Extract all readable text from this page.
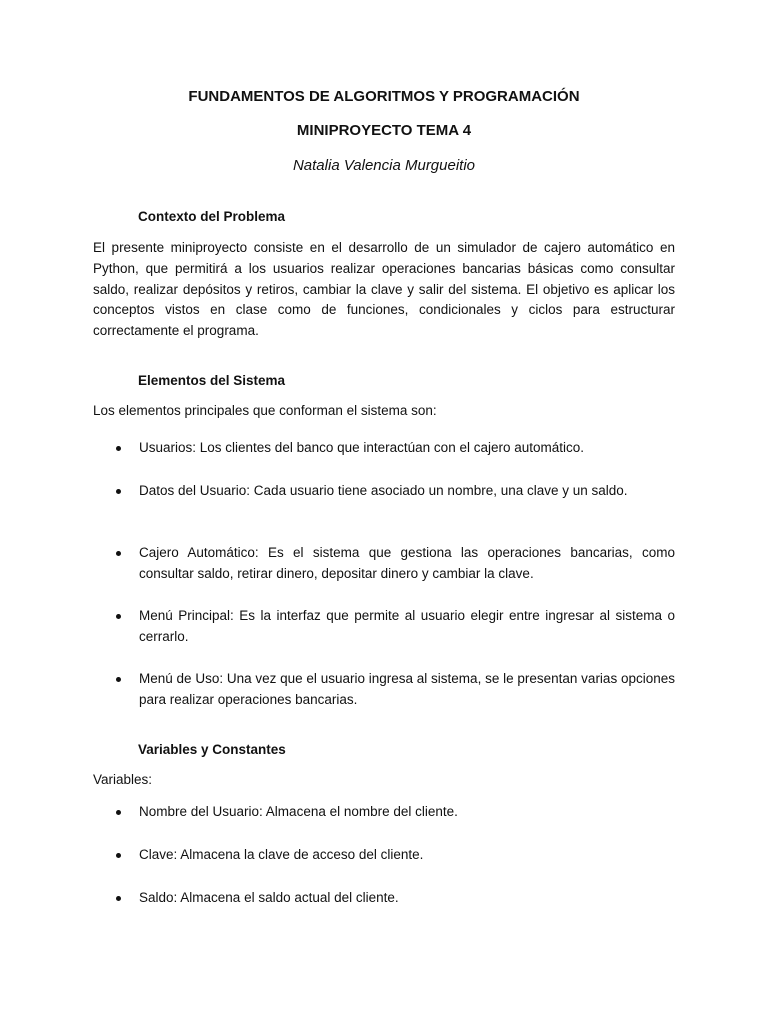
FUNDAMENTOS DE ALGORITMOS Y PROGRAMACIÓN

MINIPROYECTO TEMA 4

Natalia Valencia Murgueitio

Contexto del Problema

El presente miniproyecto consiste en el desarrollo de un simulador de cajero automático en Python, que permitirá a los usuarios realizar operaciones bancarias básicas como consultar saldo, realizar depósitos y retiros, cambiar la clave y salir del sistema. El objetivo es aplicar los conceptos vistos en clase como de funciones, condicionales y ciclos para estructurar correctamente el programa.

Elementos del Sistema

Los elementos principales que conforman el sistema son:

Usuarios: Los clientes del banco que interactúan con el cajero automático.
Datos del Usuario: Cada usuario tiene asociado un nombre, una clave y un saldo.
Cajero Automático: Es el sistema que gestiona las operaciones bancarias, como consultar saldo, retirar dinero, depositar dinero y cambiar la clave.
Menú Principal: Es la interfaz que permite al usuario elegir entre ingresar al sistema o cerrarlo.
Menú de Uso: Una vez que el usuario ingresa al sistema, se le presentan varias opciones para realizar operaciones bancarias.

Variables y Constantes

Variables:

Nombre del Usuario: Almacena el nombre del cliente.
Clave: Almacena la clave de acceso del cliente.
Saldo: Almacena el saldo actual del cliente.
